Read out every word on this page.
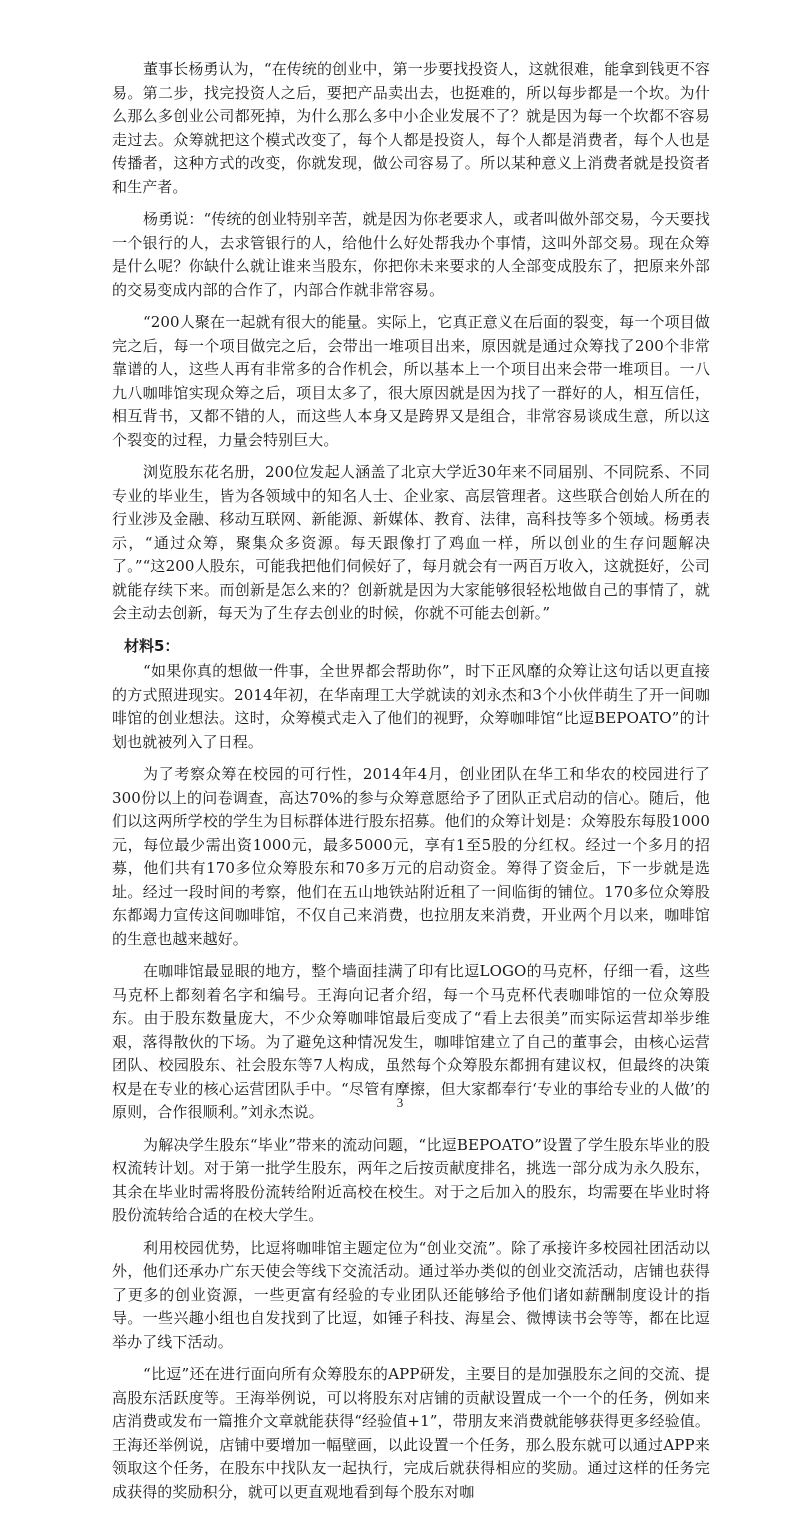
董事长杨勇认为，“在传统的创业中，第一步要找投资人，这就很难，能拿到钱更不容易。第二步，找完投资人之后，要把产品卖出去，也挺难的，所以每步都是一个坎。为什么那么多创业公司都死掉，为什么那么多中小企业发展不了？就是因为每一个坎都不容易走过去。众筹就把这个模式改变了，每个人都是投资人，每个人都是消费者，每个人也是传播者，这种方式的改变，你就发现，做公司容易了。所以某种意义上消费者就是投资者和生产者。

杨勇说：“传统的创业特别辛苦，就是因为你老要求人，或者叫做外部交易，今天要找一个银行的人，去求管银行的人，给他什么好处帮我办个事情，这叫外部交易。现在众筹是什么呢？你缺什么就让谁来当股东，你把你未来要求的人全部变成股东了，把原来外部的交易变成内部的合作了，内部合作就非常容易。

“200人聚在一起就有很大的能量。实际上，它真正意义在后面的裂变，每一个项目做完之后，每一个项目做完之后，会带出一堆项目出来，原因就是通过众筹找了200个非常靠谱的人，这些人再有非常多的合作机会，所以基本上一个项目出来会带一堆项目。一八九八咖啡馆实现众筹之后，项目太多了，很大原因就是因为找了一群好的人，相互信任，相互背书，又都不错的人，而这些人本身又是跨界又是组合，非常容易谈成生意，所以这个裂变的过程，力量会特别巨大。

浏览股东花名册，200位发起人涵盖了北京大学近30年来不同届别、不同院系、不同专业的毕业生，皆为各领域中的知名人士、企业家、高层管理者。这些联合创始人所在的行业涉及金融、移动互联网、新能源、新媒体、教育、法律，高科技等多个领域。杨勇表示，“通过众筹，聚集众多资源。每天跟像打了鸡血一样，所以创业的生存问题解决了。”“这200人股东，可能我把他们伺候好了，每月就会有一两百万收入，这就挺好，公司就能存续下来。而创新是怎么来的？创新就是因为大家能够很轻松地做自己的事情了，就会主动去创新，每天为了生存去创业的时候，你就不可能去创新。”

材料5：

“如果你真的想做一件事，全世界都会帮助你”，时下正风靡的众筹让这句话以更直接的方式照进现实。2014年初，在华南理工大学就读的刘永杰和3个小伙伴萌生了开一间咖啡馆的创业想法。这时，众筹模式走入了他们的视野，众筹咖啡馆“比逗BEPOATO”的计划也就被列入了日程。

为了考察众筹在校园的可行性，2014年4月，创业团队在华工和华农的校园进行了300份以上的问卷调查，高达70%的参与众筹意愿给予了团队正式启动的信心。随后，他们以这两所学校的学生为目标群体进行股东招募。他们的众筹计划是：众筹股东每股1000元，每位最少需出资1000元，最多5000元，享有1至5股的分红权。经过一个多月的招募，他们共有170多位众筹股东和70多万元的启动资金。筹得了资金后，下一步就是选址。经过一段时间的考察，他们在五山地铁站附近租了一间临街的铺位。170多位众筹股东都竭力宣传这间咖啡馆，不仅自己来消费，也拉朋友来消费，开业两个月以来，咖啡馆的生意也越来越好。

在咖啡馆最显眼的地方，整个墙面挂满了印有比逗LOGO的马克杯，仔细一看，这些马克杯上都刻着名字和编号。王海向记者介绍，每一个马克杯代表咖啡馆的一位众筹股东。由于股东数量庞大，不少众筹咖啡馆最后变成了“看上去很美”而实际运营却举步维艰，落得散伙的下场。为了避免这种情况发生，咖啡馆建立了自己的董事会，由核心运营团队、校园股东、社会股东等7人构成，虽然每个众筹股东都拥有建议权，但最终的决策权是在专业的核心运营团队手中。“尽管有摩擦，但大家都奉行‘专业的事给专业的人做’的原则，合作很顺利。”刘永杰说。

为解决学生股东“毕业”带来的流动问题，“比逗BEPOATO”设置了学生股东毕业的股权流转计划。对于第一批学生股东，两年之后按贡献度排名，挑选一部分成为永久股东，其余在毕业时需将股份流转给附近高校在校生。对于之后加入的股东，均需要在毕业时将股份流转给合适的在校大学生。

利用校园优势，比逗将咖啡馆主题定位为“创业交流”。除了承接许多校园社团活动以外，他们还承办广东天使会等线下交流活动。通过举办类似的创业交流活动，店铺也获得了更多的创业资源，一些更富有经验的专业团队还能够给予他们诸如薪酬制度设计的指导。一些兴趣小组也自发找到了比逗，如锤子科技、海星会、微博读书会等等，都在比逗举办了线下活动。

“比逗”还在进行面向所有众筹股东的APP研发，主要目的是加强股东之间的交流、提高股东活跃度等。王海举例说，可以将股东对店铺的贡献设置成一个一个的任务，例如来店消费或发布一篇推介文章就能获得“经验值+1”，带朋友来消费就能够获得更多经验值。王海还举例说，店铺中要增加一幅壁画，以此设置一个任务，那么股东就可以通过APP来领取这个任务，在股东中找队友一起执行，完成后就获得相应的奖励。通过这样的任务完成获得的奖励积分，就可以更直观地看到每个股东对咖

3
